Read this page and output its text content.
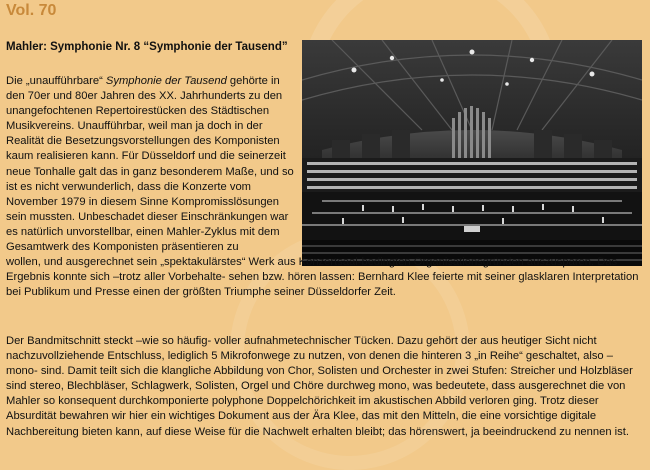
Vol. 70
Mahler: Symphonie Nr. 8 “Symphonie der Tausend”

Die „unaufführbare“ Symphonie der Tausend gehörte in den 70er und 80er Jahren des XX. Jahrhunderts zu den unangefochtenen Repertoirestücken des Städtischen Musikvereins. Unaufführbar, weil man ja doch in der Realität die Besetzungsvorstellungen des Komponisten kaum realisieren kann. Für Düsseldorf und die seinerzeit neue Tonhalle galt das in ganz besonderem Maße, und so ist es nicht verwunderlich, dass die Konzerte vom November 1979 in diesem Sinne Kompromisslösungen sein mussten. Unbeschadet dieser Einschränkungen war es natürlich unvorstellbar, einen Mahler-Zyklus mit dem Gesamtwerk des Komponisten präsentieren zu

wollen, und ausgerechnet sein „spektakulärstes“ Werk aus Konzertsaal-bedingten Organisationsgründen auszusparen. Das Ergebnis konnte sich –trotz aller Vorbehalte- sehen bzw. hören lassen: Bernhard Klee feierte mit seiner glasklaren Interpretation bei Publikum und Presse einen der größten Triumphe seiner Düsseldorfer Zeit.

Der Bandmitschnitt steckt –wie so häufig- voller aufnahmetechnischer Tücken. Dazu gehört der aus heutiger Sicht nicht nachzuvollziehende Entschluss, lediglich 5 Mikrofonwege zu nutzen, von denen die hinteren 3 „in Reihe“ geschaltet, also –mono- sind. Damit teilt sich die klangliche Abbildung von Chor, Solisten und Orchester in zwei Stufen: Streicher und Holzbläser sind stereo, Blechbläser, Schlagwerk, Solisten, Orgel und Chöre durchweg mono, was bedeutete, dass ausgerechnet die von Mahler so konsequent durchkomponierte polyphone Doppelchörichkeit im akustischen Abbild verloren ging. Trotz dieser Absurdität bewahren wir hier ein wichtiges Dokument aus der Ära Klee, das mit den Mitteln, die eine vorsichtige digitale Nachbereitung bieten kann, auf diese Weise für die Nachwelt erhalten bleibt; das hörenswert, ja beeindruckend zu nennen ist.
